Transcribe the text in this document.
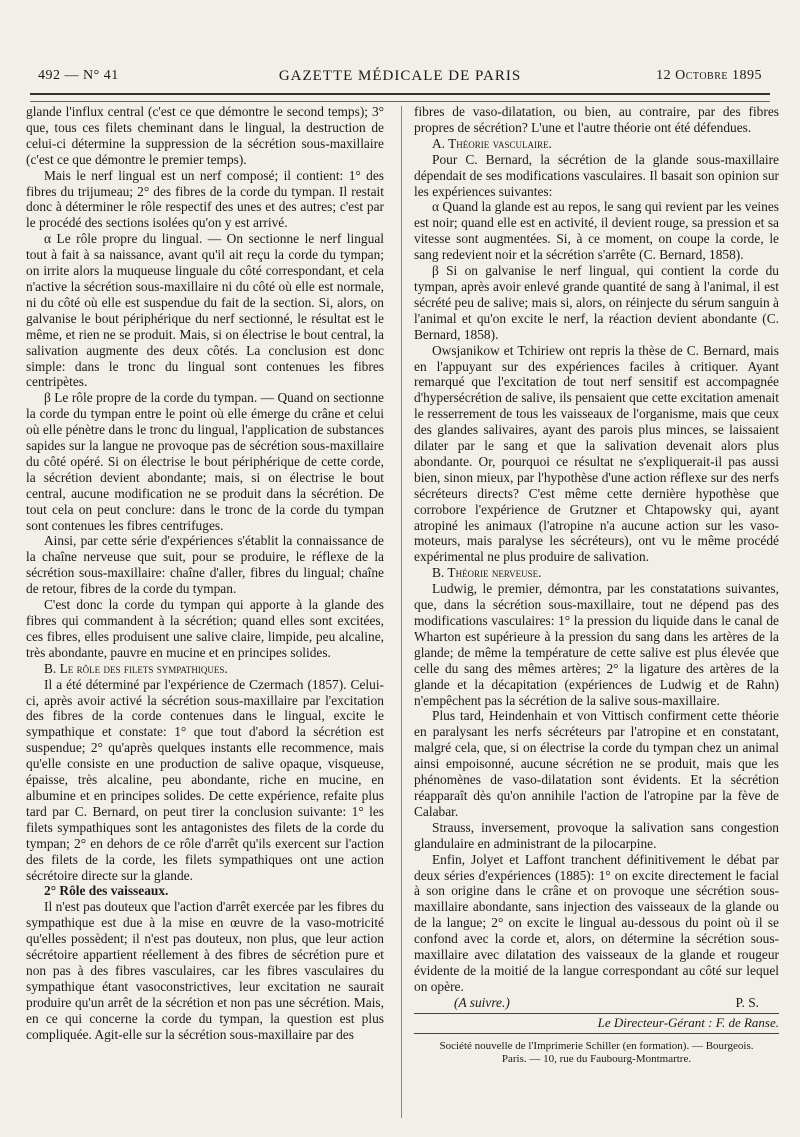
492 — N° 41	GAZETTE MÉDICALE DE PARIS	12 Octobre 1895

glande l'influx central (c'est ce que démontre le second temps); 3° que, tous ces filets cheminant dans le lingual, la destruction de celui-ci détermine la suppression de la sécrétion sous-maxillaire (c'est ce que démontre le premier temps).

Mais le nerf lingual est un nerf composé; il contient: 1° des fibres du trijumeau; 2° des fibres de la corde du tympan. Il restait donc à déterminer le rôle respectif des unes et des autres; c'est par le procédé des sections isolées qu'on y est arrivé.

α Le rôle propre du lingual. — On sectionne le nerf lingual tout à fait à sa naissance, avant qu'il ait reçu la corde du tympan; on irrite alors la muqueuse linguale du côté correspondant, et cela n'active la sécrétion sous-maxillaire ni du côté où elle est normale, ni du côté où elle est suspendue du fait de la section. Si, alors, on galvanise le bout périphérique du nerf sectionné, le résultat est le même, et rien ne se produit. Mais, si on électrise le bout central, la salivation augmente des deux côtés. La conclusion est donc simple: dans le tronc du lingual sont contenues les fibres centripètes.

β Le rôle propre de la corde du tympan. — Quand on sectionne la corde du tympan entre le point où elle émerge du crâne et celui où elle pénètre dans le tronc du lingual, l'application de substances sapides sur la langue ne provoque pas de sécrétion sous-maxillaire du côté opéré. Si on électrise le bout périphérique de cette corde, la sécrétion devient abondante; mais, si on électrise le bout central, aucune modification ne se produit dans la sécrétion. De tout cela on peut conclure: dans le tronc de la corde du tympan sont contenues les fibres centrifuges.

Ainsi, par cette série d'expériences s'établit la connaissance de la chaîne nerveuse que suit, pour se produire, le réflexe de la sécrétion sous-maxillaire: chaîne d'aller, fibres du lingual; chaîne de retour, fibres de la corde du tympan.

C'est donc la corde du tympan qui apporte à la glande des fibres qui commandent à la sécrétion; quand elles sont excitées, ces fibres, elles produisent une salive claire, limpide, peu alcaline, très abondante, pauvre en mucine et en principes solides.

B. Le rôle des filets sympathiques.

Il a été déterminé par l'expérience de Czermach (1857). Celui-ci, après avoir activé la sécrétion sous-maxillaire par l'excitation des fibres de la corde contenues dans le lingual, excite le sympathique et constate: 1° que tout d'abord la sécrétion est suspendue; 2° qu'après quelques instants elle recommence, mais qu'elle consiste en une production de salive opaque, visqueuse, épaisse, très alcaline, peu abondante, riche en mucine, en albumine et en principes solides. De cette expérience, refaite plus tard par C. Bernard, on peut tirer la conclusion suivante: 1° les filets sympathiques sont les antagonistes des filets de la corde du tympan; 2° en dehors de ce rôle d'arrêt qu'ils exercent sur l'action des filets de la corde, les filets sympathiques ont une action sécrétoire directe sur la glande.

2° Rôle des vaisseaux.

Il n'est pas douteux que l'action d'arrêt exercée par les fibres du sympathique est due à la mise en œuvre de la vaso-motricité qu'elles possèdent; il n'est pas douteux, non plus, que leur action sécrétoire appartient réellement à des fibres de sécrétion pure et non pas à des fibres vasculaires, car les fibres vasculaires du sympathique étant vasoconstrictives, leur excitation ne saurait produire qu'un arrêt de la sécrétion et non pas une sécrétion. Mais, en ce qui concerne la corde du tympan, la question est plus compliquée. Agit-elle sur la sécrétion sous-maxillaire par des

fibres de vaso-dilatation, ou bien, au contraire, par des fibres propres de sécrétion? L'une et l'autre théorie ont été défendues.

A. Théorie vasculaire.

Pour C. Bernard, la sécrétion de la glande sous-maxillaire dépendait de ses modifications vasculaires. Il basait son opinion sur les expériences suivantes:

α Quand la glande est au repos, le sang qui revient par les veines est noir; quand elle est en activité, il devient rouge, sa pression et sa vitesse sont augmentées. Si, à ce moment, on coupe la corde, le sang redevient noir et la sécrétion s'arrête (C. Bernard, 1858).

β Si on galvanise le nerf lingual, qui contient la corde du tympan, après avoir enlevé grande quantité de sang à l'animal, il est sécrété peu de salive; mais si, alors, on réinjecte du sérum sanguin à l'animal et qu'on excite le nerf, la réaction devient abondante (C. Bernard, 1858).

Owsjanikow et Tchiriew ont repris la thèse de C. Bernard, mais en l'appuyant sur des expériences faciles à critiquer. Ayant remarqué que l'excitation de tout nerf sensitif est accompagnée d'hypersécrétion de salive, ils pensaient que cette excitation amenait le resserrement de tous les vaisseaux de l'organisme, mais que ceux des glandes salivaires, ayant des parois plus minces, se laissaient dilater par le sang et que la salivation devenait alors plus abondante. Or, pourquoi ce résultat ne s'expliquerait-il pas aussi bien, sinon mieux, par l'hypothèse d'une action réflexe sur des nerfs sécréteurs directs? C'est même cette dernière hypothèse que corrobore l'expérience de Grutzner et Chtapowsky qui, ayant atropiné les animaux (l'atropine n'a aucune action sur les vaso-moteurs, mais paralyse les sécréteurs), ont vu le même procédé expérimental ne plus produire de salivation.

B. Théorie nerveuse.

Ludwig, le premier, démontra, par les constatations suivantes, que, dans la sécrétion sous-maxillaire, tout ne dépend pas des modifications vasculaires: 1° la pression du liquide dans le canal de Wharton est supérieure à la pression du sang dans les artères de la glande; de même la température de cette salive est plus élevée que celle du sang des mêmes artères; 2° la ligature des artères de la glande et la décapitation (expériences de Ludwig et de Rahn) n'empêchent pas la sécrétion de la salive sous-maxillaire.

Plus tard, Heindenhain et von Vittisch confirment cette théorie en paralysant les nerfs sécréteurs par l'atropine et en constatant, malgré cela, que, si on électrise la corde du tympan chez un animal ainsi empoisonné, aucune sécrétion ne se produit, mais que les phénomènes de vaso-dilatation sont évidents. Et la sécrétion réapparaît dès qu'on annihile l'action de l'atropine par la fève de Calabar.

Strauss, inversement, provoque la salivation sans congestion glandulaire en administrant de la pilocarpine.

Enfin, Jolyet et Laffont tranchent définitivement le débat par deux séries d'expériences (1885): 1° on excite directement le facial à son origine dans le crâne et on provoque une sécrétion sous-maxillaire abondante, sans injection des vaisseaux de la glande ou de la langue; 2° on excite le lingual au-dessous du point où il se confond avec la corde et, alors, on détermine la sécrétion sous-maxillaire avec dilatation des vaisseaux de la glande et rougeur évidente de la moitié de la langue correspondant au côté sur lequel on opère.

(A suivre.)	P. S.
Le Directeur-Gérant : F. de Ranse.

Société nouvelle de l'Imprimerie Schiller (en formation). — Bourgeois.

Paris. — 10, rue du Faubourg-Montmartre.
